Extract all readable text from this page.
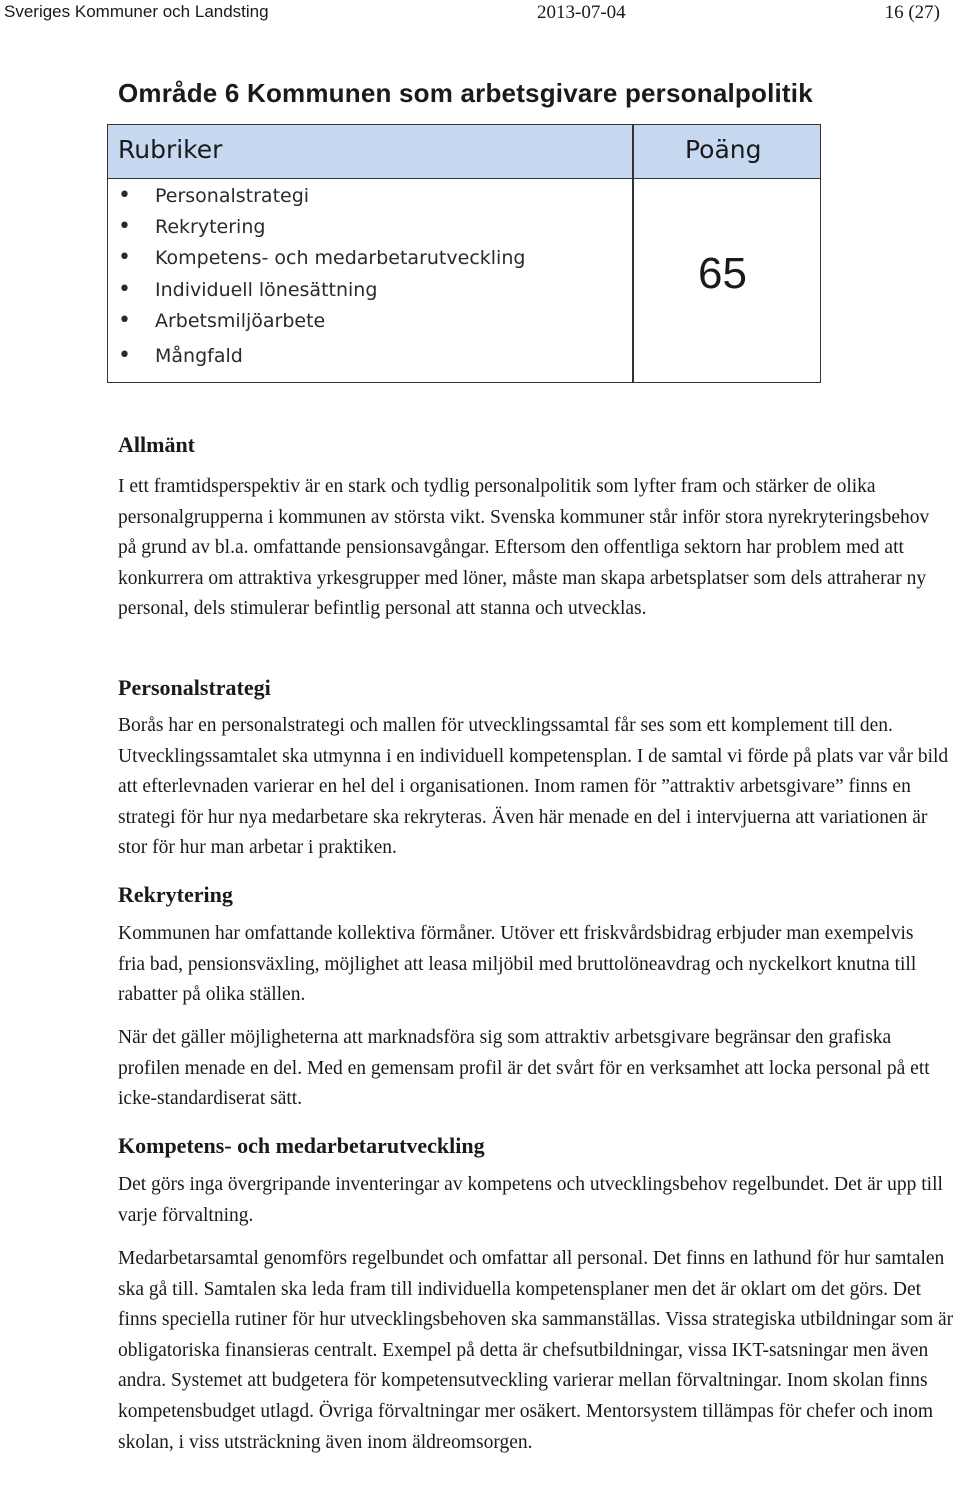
Sveriges Kommuner och Landsting	2013-07-04	16 (27)
Område 6 Kommunen som arbetsgivare personalpolitik
Rubriker	Poäng
• Personalstrategi
• Rekrytering
• Kompetens- och medarbetarutveckling
• Individuell lönesättning
• Arbetsmiljöarbete
• Mångfald
65
Allmänt

I ett framtidsperspektiv är en stark och tydlig personalpolitik som lyfter fram och stärker de olika personalgrupperna i kommunen av största vikt. Svenska kommuner står inför stora nyrekryteringsbehov på grund av bl.a. omfattande pensionsavgångar. Eftersom den offentliga sektorn har problem med att konkurrera om attraktiva yrkesgrupper med löner, måste man skapa arbetsplatser som dels attraherar ny personal, dels stimulerar befintlig personal att stanna och utvecklas.

Personalstrategi

Borås har en personalstrategi och mallen för utvecklingssamtal får ses som ett komplement till den. Utvecklingssamtalet ska utmynna i en individuell kompetensplan. I de samtal vi förde på plats var vår bild att efterlevnaden varierar en hel del i organisationen. Inom ramen för ”attraktiv arbetsgivare” finns en strategi för hur nya medarbetare ska rekryteras. Även här menade en del i intervjuerna att variationen är stor för hur man arbetar i praktiken.

Rekrytering

Kommunen har omfattande kollektiva förmåner. Utöver ett friskvårdsbidrag erbjuder man exempelvis fria bad, pensionsväxling, möjlighet att leasa miljöbil med bruttolöneavdrag och nyckelkort knutna till rabatter på olika ställen.

När det gäller möjligheterna att marknadsföra sig som attraktiv arbetsgivare begränsar den grafiska profilen menade en del. Med en gemensam profil är det svårt för en verksamhet att locka personal på ett icke-standardiserat sätt.

Kompetens- och medarbetarutveckling

Det görs inga övergripande inventeringar av kompetens och utvecklingsbehov regelbundet. Det är upp till varje förvaltning.

Medarbetarsamtal genomförs regelbundet och omfattar all personal. Det finns en lathund för hur samtalen ska gå till. Samtalen ska leda fram till individuella kompetensplaner men det är oklart om det görs. Det finns speciella rutiner för hur utvecklingsbehoven ska sammanställas. Vissa strategiska utbildningar som är obligatoriska finansieras centralt. Exempel på detta är chefsutbildningar, vissa IKT-satsningar men även andra. Systemet att budgetera för kompetensutveckling varierar mellan förvaltningar. Inom skolan finns kompetensbudget utlagd. Övriga förvaltningar mer osäkert. Mentorsystem tillämpas för chefer och inom skolan, i viss utsträckning även inom äldreomsorgen.
